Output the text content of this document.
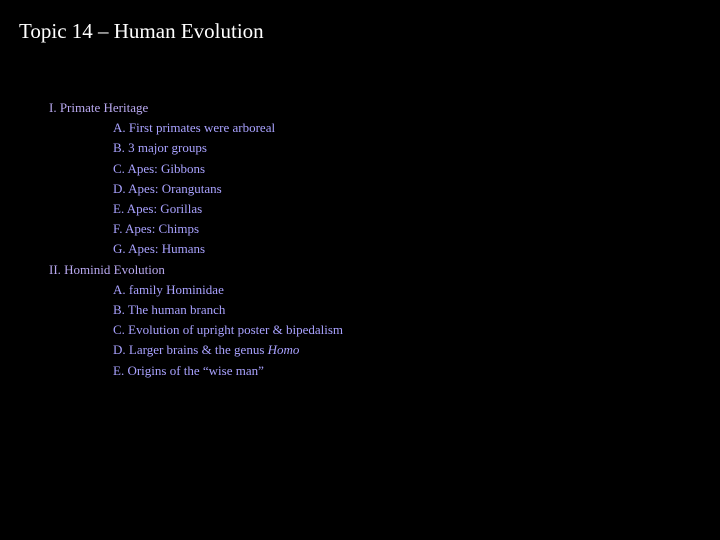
Topic 14 – Human Evolution
I. Primate Heritage
A. First primates were arboreal
B. 3 major groups
C. Apes: Gibbons
D. Apes: Orangutans
E. Apes: Gorillas
F. Apes: Chimps
G. Apes: Humans
II. Hominid Evolution
A. family Hominidae
B. The human branch
C. Evolution of upright poster & bipedalism
D. Larger brains & the genus Homo
E. Origins of the “wise man”
